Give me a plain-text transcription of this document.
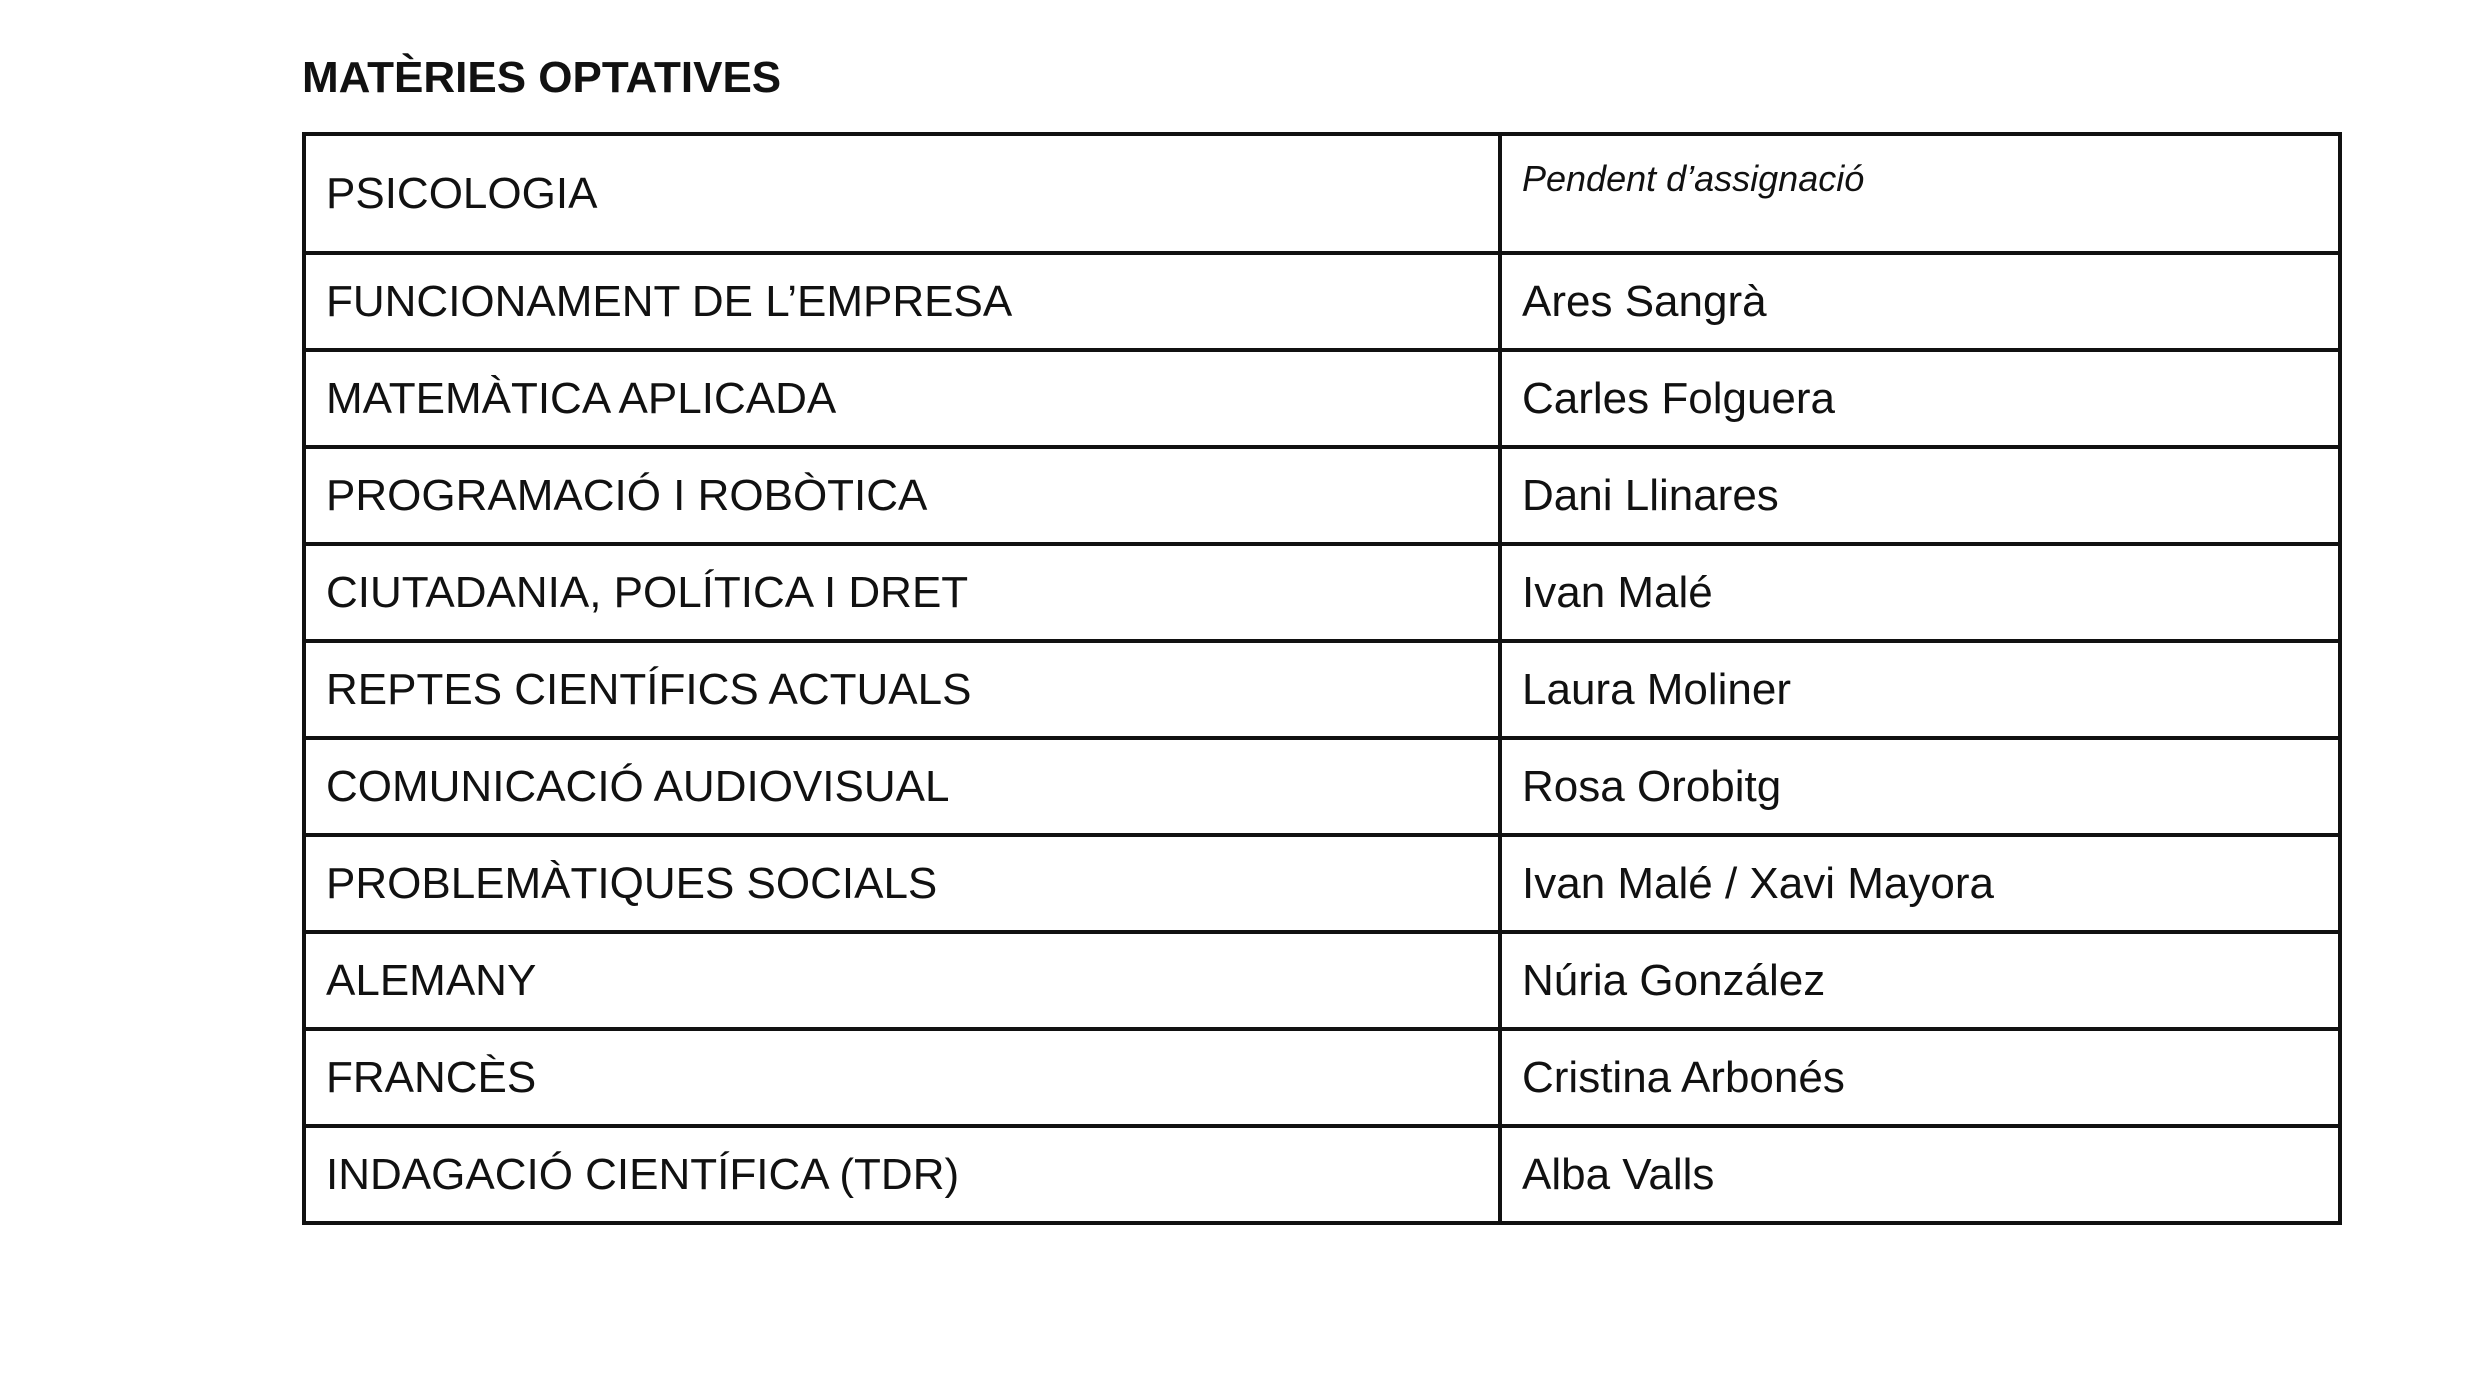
MATÈRIES OPTATIVES
PSICOLOGIA	Pendent d’assignació
FUNCIONAMENT DE L’EMPRESA	Ares Sangrà
MATEMÀTICA APLICADA	Carles Folguera
PROGRAMACIÓ I ROBÒTICA	Dani Llinares
CIUTADANIA, POLÍTICA I DRET	Ivan Malé
REPTES CIENTÍFICS ACTUALS	Laura Moliner
COMUNICACIÓ AUDIOVISUAL	Rosa Orobitg
PROBLEMÀTIQUES SOCIALS	Ivan Malé / Xavi Mayora
ALEMANY	Núria González
FRANCÈS	Cristina Arbonés
INDAGACIÓ CIENTÍFICA (TDR)	Alba Valls
